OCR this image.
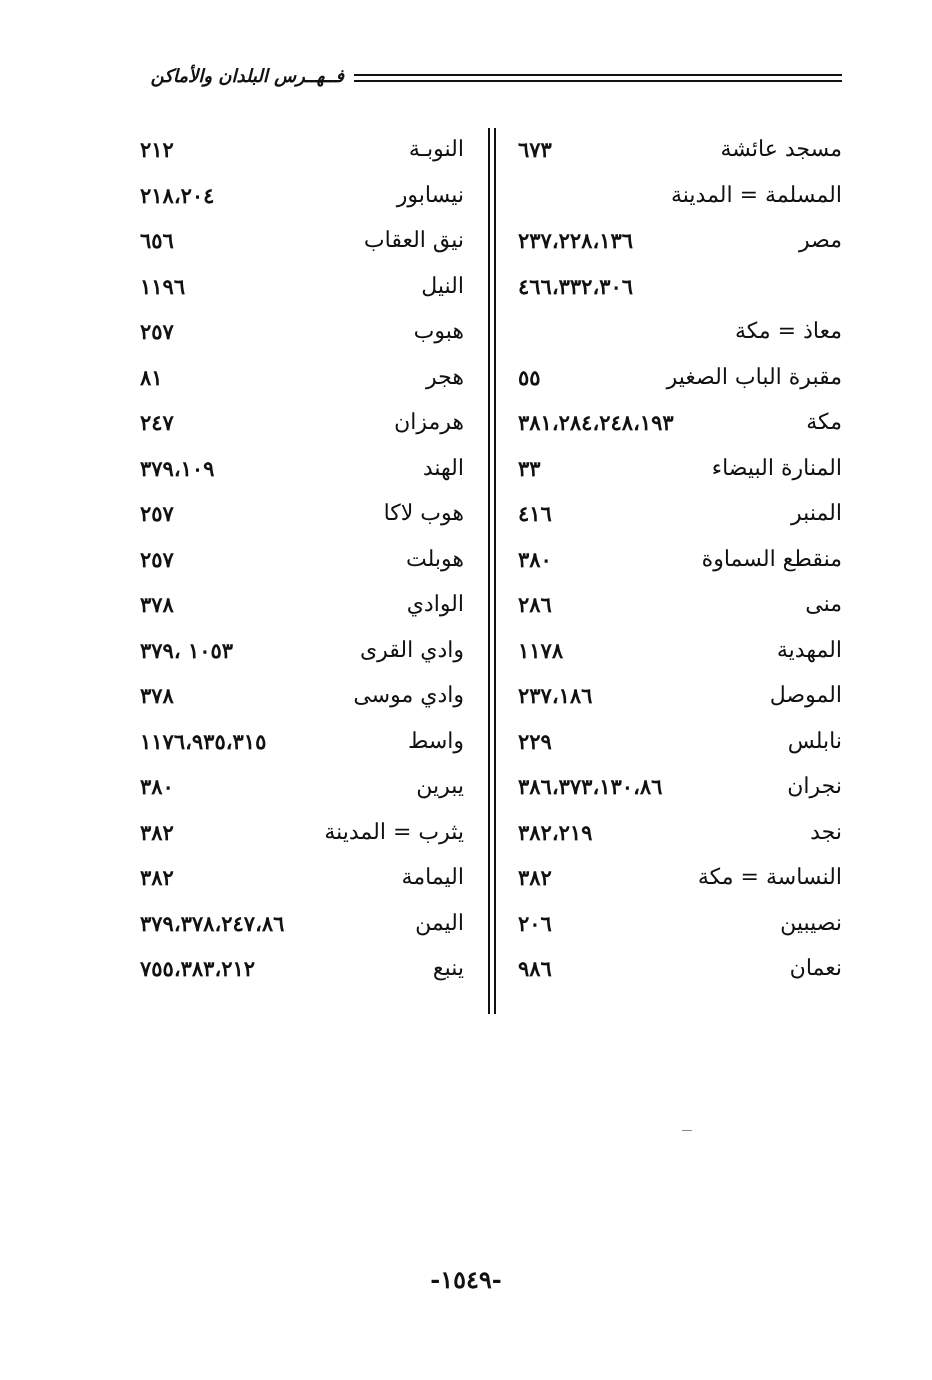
فــهــرس البلدان والأماكن
مسجد عائشة
٦٧٣
المسلمة = المدينة
مصر
٢٣٧،٢٢٨،١٣٦
٤٦٦،٣٣٢،٣٠٦
معاذ = مكة
مقبرة الباب الصغير
٥٥
مكة
٣٨١،٢٨٤،٢٤٨،١٩٣
المنارة البيضاء
٣٣
المنبر
٤١٦
منقطع السماوة
٣٨٠
منى
٢٨٦
المهدية
١١٧٨
الموصل
٢٣٧،١٨٦
نابلس
٢٢٩
نجران
٣٨٦،٣٧٣،١٣٠،٨٦
نجد
٣٨٢،٢١٩
النساسة = مكة
٣٨٢
نصيبين
٢٠٦
نعمان
٩٨٦
النوبـة
٢١٢
نيسابور
٢١٨،٢٠٤
نيق العقاب
٦٥٦
النيل
١١٩٦
هبوب
٢٥٧
هجر
٨١
هرمزان
٢٤٧
الهند
٣٧٩،١٠٩
هوب لاكا
٢٥٧
هوبلت
٢٥٧
الوادي
٣٧٨
وادي القرى
١٠٥٣ ،٣٧٩
وادي موسى
٣٧٨
واسط
١١٧٦،٩٣٥،٣١٥
يبرين
٣٨٠
يثرب = المدينة
٣٨٢
اليمامة
٣٨٢
اليمن
٣٧٩،٣٧٨،٢٤٧،٨٦
ينبع
٧٥٥،٣٨٣،٢١٢
-١٥٤٩-
